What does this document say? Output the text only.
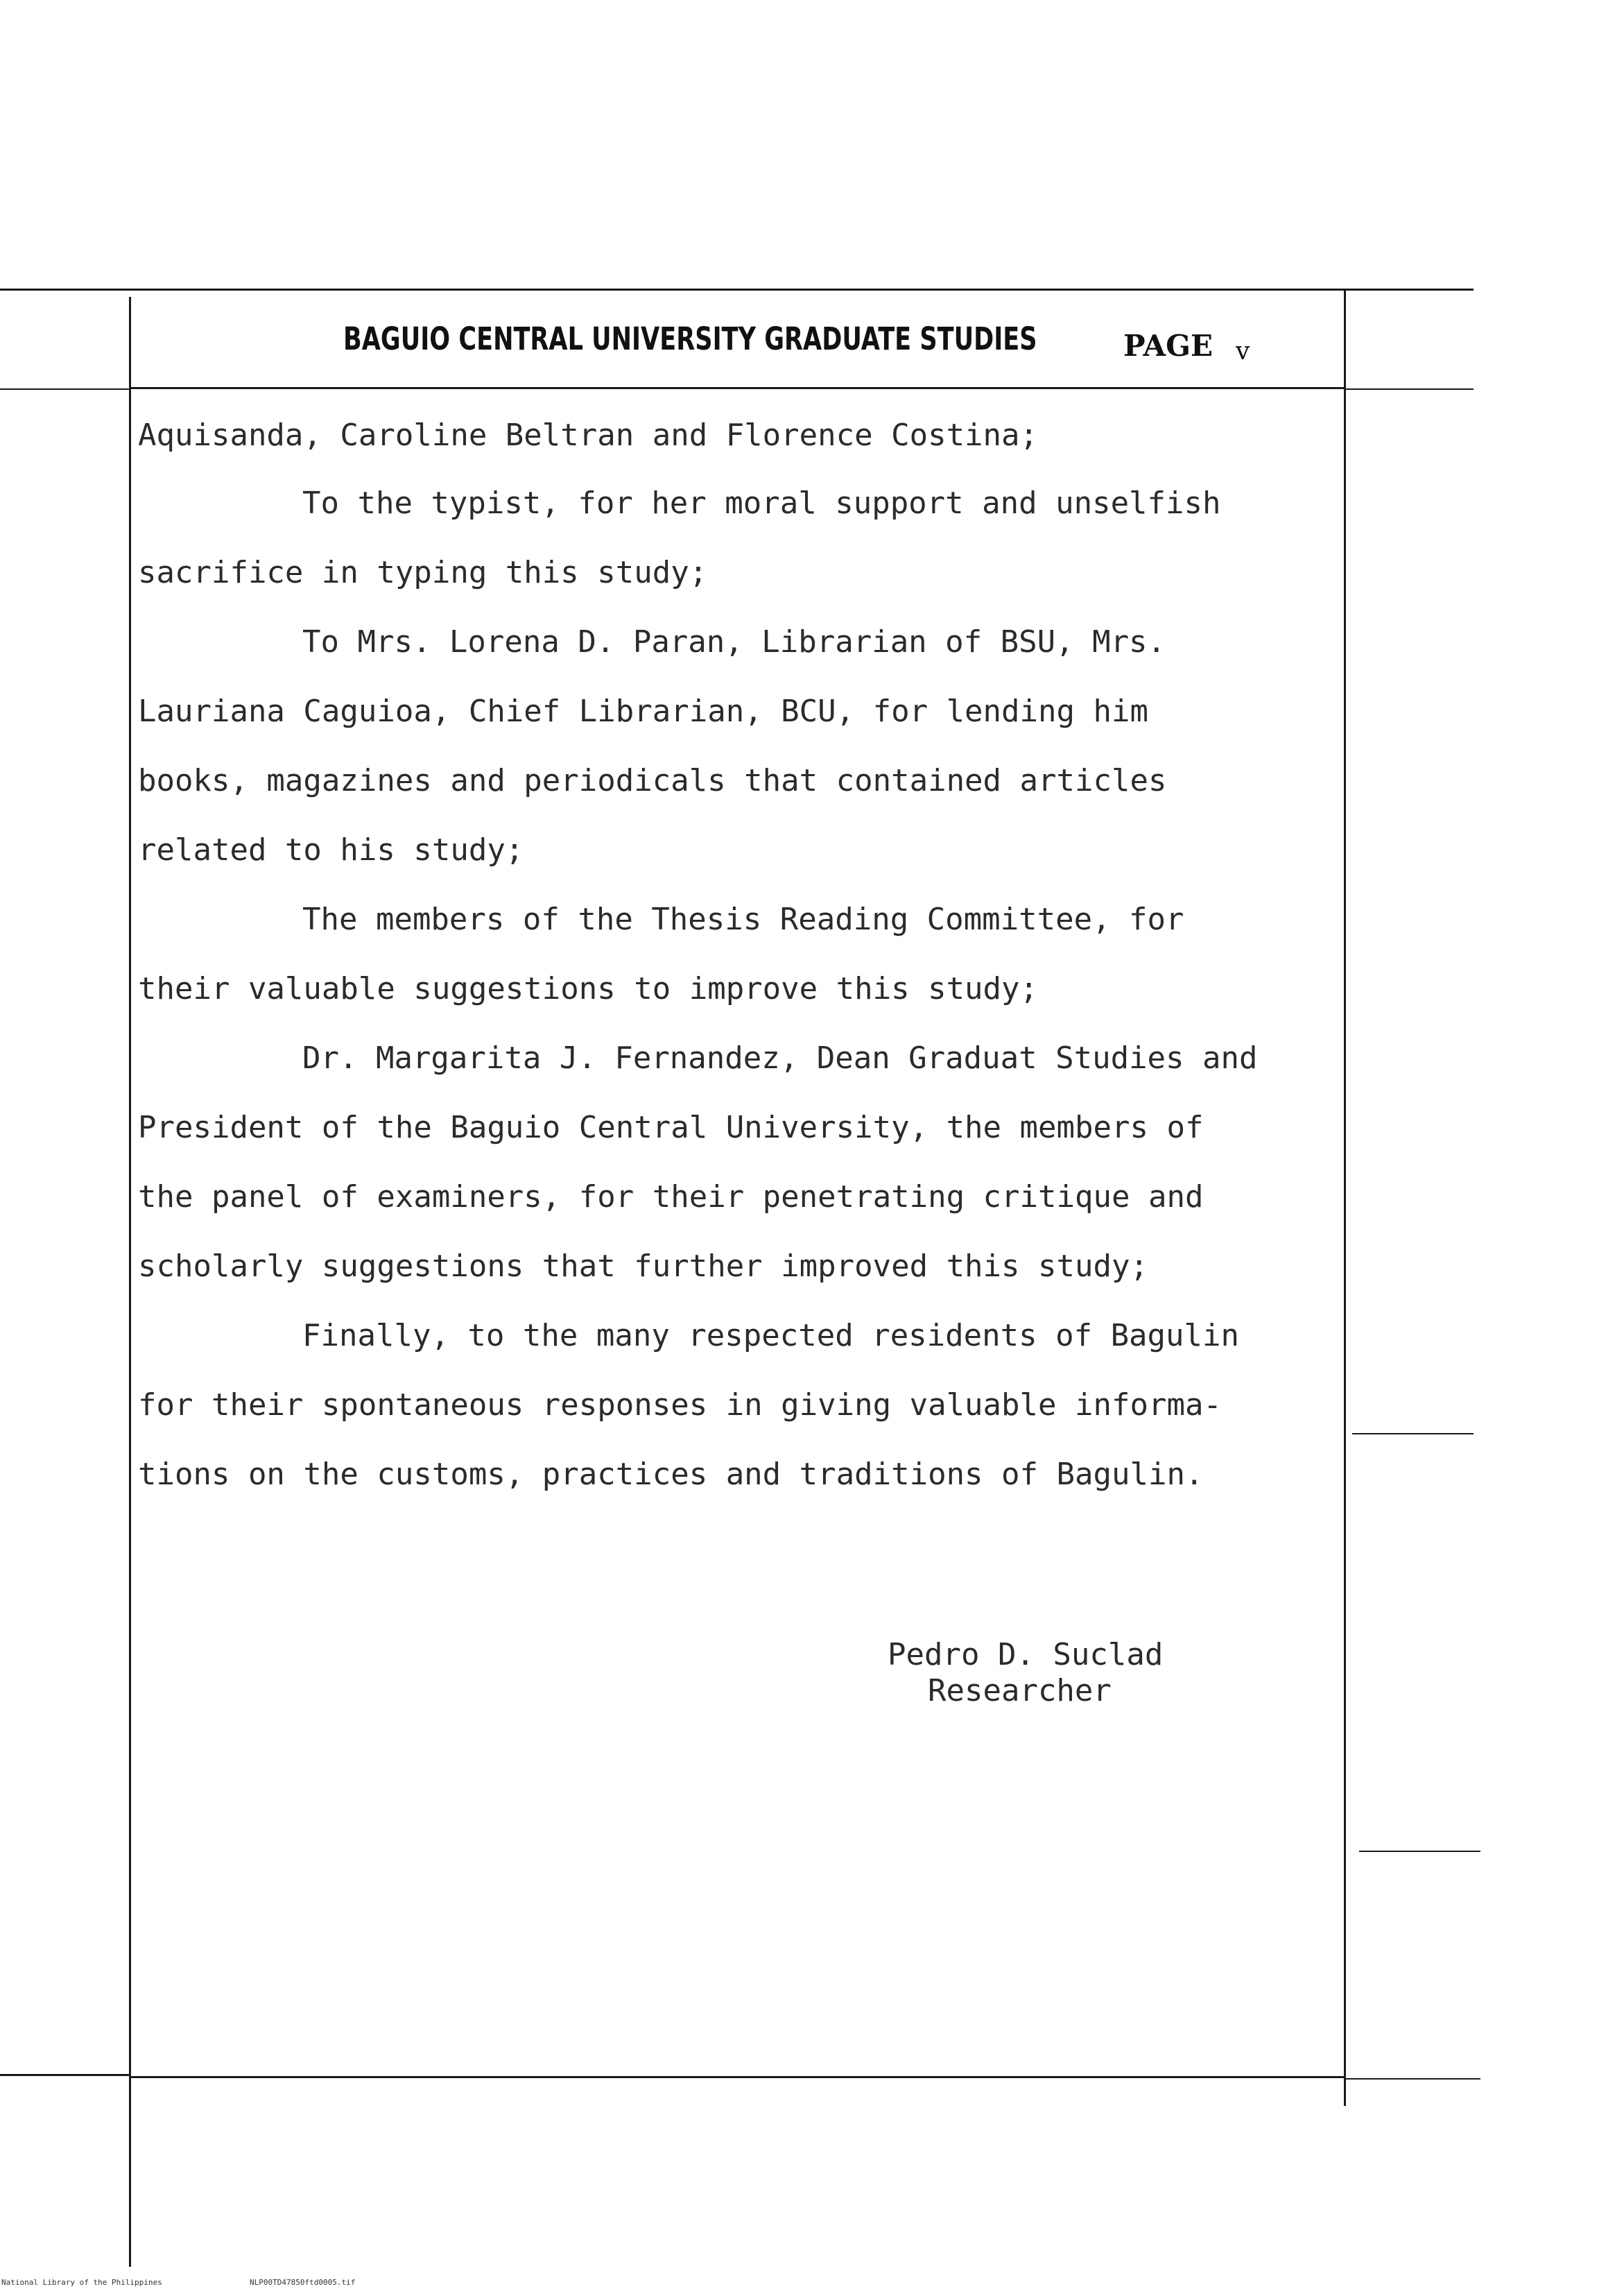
BAGUIO CENTRAL UNIVERSITY GRADUATE STUDIES	PAGE v
Aquisanda, Caroline Beltran and Florence Costina;
To the typist, for her moral support and unselfish
sacrifice in typing this study;
To Mrs. Lorena D. Paran, Librarian of BSU, Mrs.
Lauriana Caguioa, Chief Librarian, BCU, for lending him
books, magazines and periodicals that contained articles
related to his study;
The members of the Thesis Reading Committee, for
their valuable suggestions to improve this study;
Dr. Margarita J. Fernandez, Dean Graduat Studies and
President of the Baguio Central University, the members of
the panel of examiners, for their penetrating critique and
scholarly suggestions that further improved this study;
Finally, to the many respected residents of Bagulin
for their spontaneous responses in giving valuable informa-
tions on the customs, practices and traditions of Bagulin.
Pedro D. Suclad
Researcher
National Library of the Philippines	NLP00TD47850ftd0005.tif
